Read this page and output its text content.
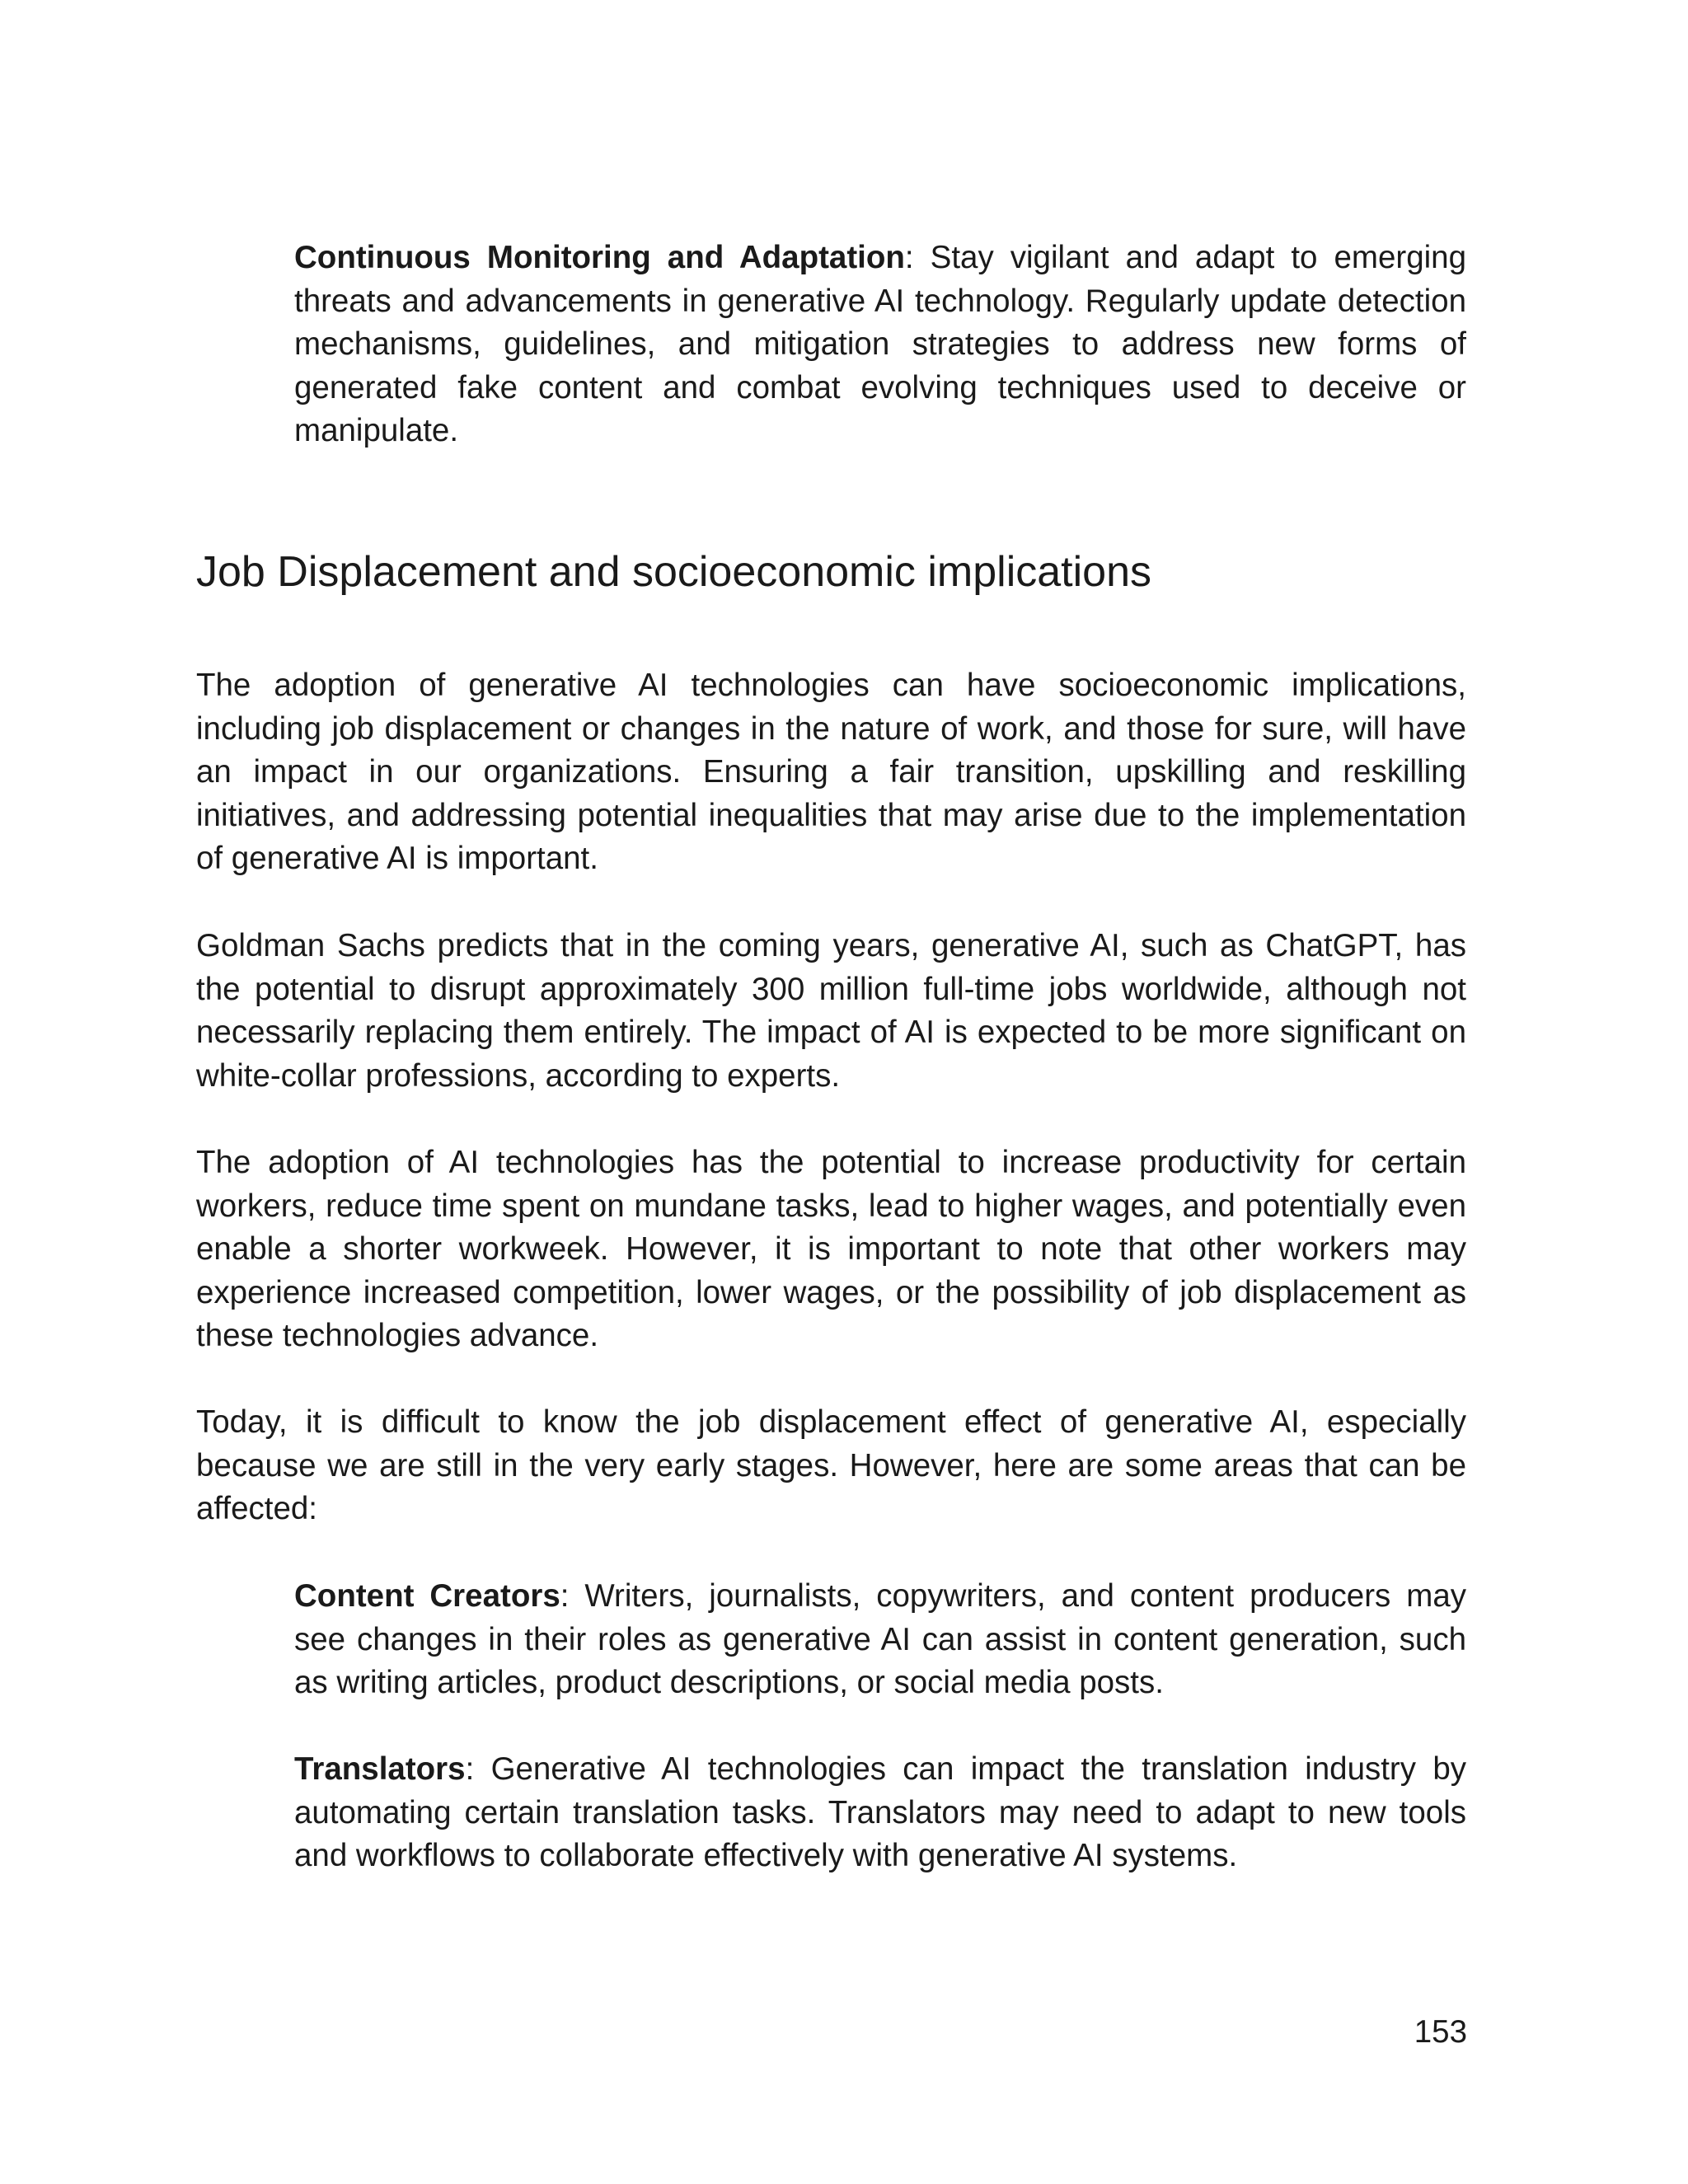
Continuous Monitoring and Adaptation: Stay vigilant and adapt to emerging threats and advancements in generative AI technology. Regularly update detection mechanisms, guidelines, and mitigation strategies to address new forms of generated fake content and combat evolving techniques used to deceive or manipulate.

Job Displacement and socioeconomic implications

The adoption of generative AI technologies can have socioeconomic implications, including job displacement or changes in the nature of work, and those for sure, will have an impact in our organizations. Ensuring a fair transition, upskilling and reskilling initiatives, and addressing potential inequalities that may arise due to the implementation of generative AI is important.

Goldman Sachs predicts that in the coming years, generative AI, such as ChatGPT, has the potential to disrupt approximately 300 million full-time jobs worldwide, although not necessarily replacing them entirely. The impact of AI is expected to be more significant on white-collar professions, according to experts.

The adoption of AI technologies has the potential to increase productivity for certain workers, reduce time spent on mundane tasks, lead to higher wages, and potentially even enable a shorter workweek. However, it is important to note that other workers may experience increased competition, lower wages, or the possibility of job displacement as these technologies advance.

Today, it is difficult to know the job displacement effect of generative AI, especially because we are still in the very early stages. However, here are some areas that can be affected:

Content Creators: Writers, journalists, copywriters, and content producers may see changes in their roles as generative AI can assist in content generation, such as writing articles, product descriptions, or social media posts.

Translators: Generative AI technologies can impact the translation industry by automating certain translation tasks. Translators may need to adapt to new tools and workflows to collaborate effectively with generative AI systems.

153
